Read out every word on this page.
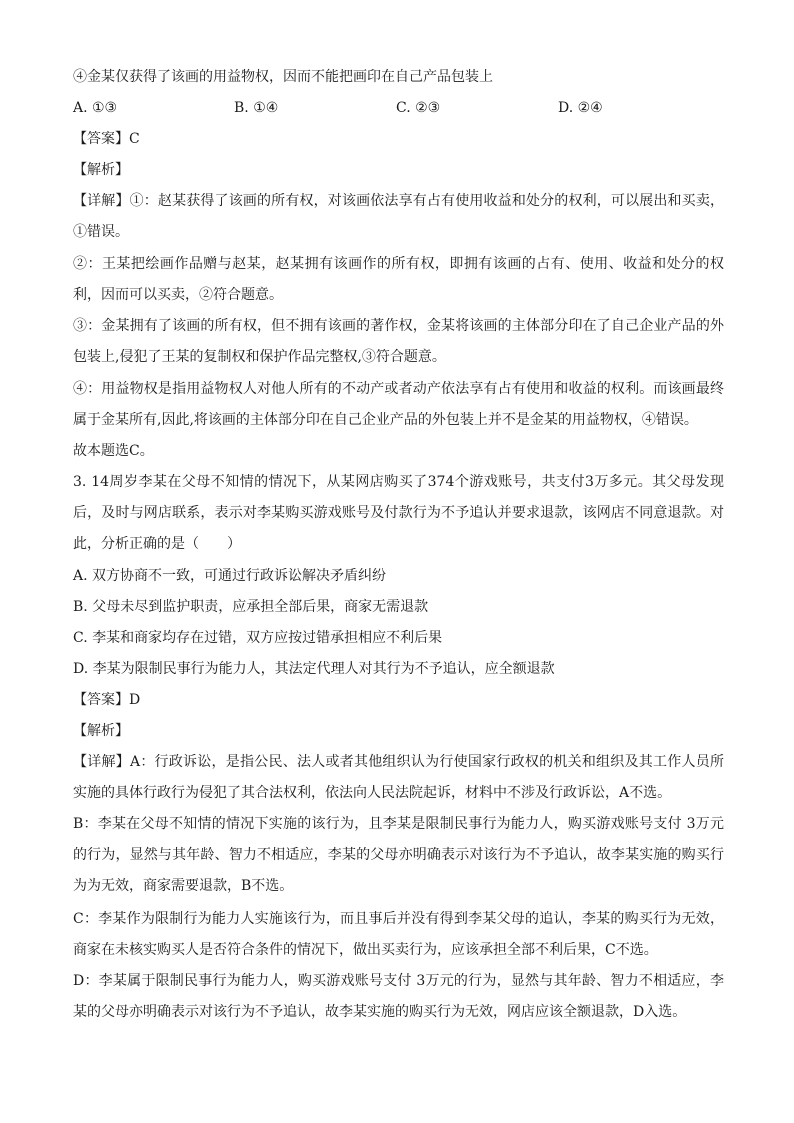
④金某仅获得了该画的用益物权，因而不能把画印在自己产品包装上

A. ①③	B. ①④	C. ②③	D. ②④

【答案】C

【解析】

【详解】①：赵某获得了该画的所有权，对该画依法享有占有使用收益和处分的权利，可以展出和买卖，①错误。

②：王某把绘画作品赠与赵某，赵某拥有该画作的所有权，即拥有该画的占有、使用、收益和处分的权利，因而可以买卖，②符合题意。

③：金某拥有了该画的所有权，但不拥有该画的著作权，金某将该画的主体部分印在了自己企业产品的外包装上,侵犯了王某的复制权和保护作品完整权,③符合题意。

④：用益物权是指用益物权人对他人所有的不动产或者动产依法享有占有使用和收益的权利。而该画最终属于金某所有,因此,将该画的主体部分印在自己企业产品的外包装上并不是金某的用益物权，④错误。

故本题选C。

3. 14周岁李某在父母不知情的情况下，从某网店购买了374个游戏账号，共支付3万多元。其父母发现后，及时与网店联系，表示对李某购买游戏账号及付款行为不予追认并要求退款，该网店不同意退款。对此，分析正确的是（　　）

A. 双方协商不一致，可通过行政诉讼解决矛盾纠纷

B. 父母未尽到监护职责，应承担全部后果，商家无需退款

C. 李某和商家均存在过错，双方应按过错承担相应不利后果

D. 李某为限制民事行为能力人，其法定代理人对其行为不予追认，应全额退款

【答案】D

【解析】

【详解】A：行政诉讼，是指公民、法人或者其他组织认为行使国家行政权的机关和组织及其工作人员所实施的具体行政行为侵犯了其合法权利，依法向人民法院起诉，材料中不涉及行政诉讼，A不选。

B：李某在父母不知情的情况下实施的该行为，且李某是限制民事行为能力人，购买游戏账号支付 3万元的行为，显然与其年龄、智力不相适应，李某的父母亦明确表示对该行为不予追认，故李某实施的购买行为为无效，商家需要退款，B不选。

C：李某作为限制行为能力人实施该行为，而且事后并没有得到李某父母的追认，李某的购买行为无效，商家在未核实购买人是否符合条件的情况下，做出买卖行为，应该承担全部不利后果，C不选。

D：李某属于限制民事行为能力人，购买游戏账号支付 3万元的行为，显然与其年龄、智力不相适应，李某的父母亦明确表示对该行为不予追认，故李某实施的购买行为无效，网店应该全额退款，D入选。
